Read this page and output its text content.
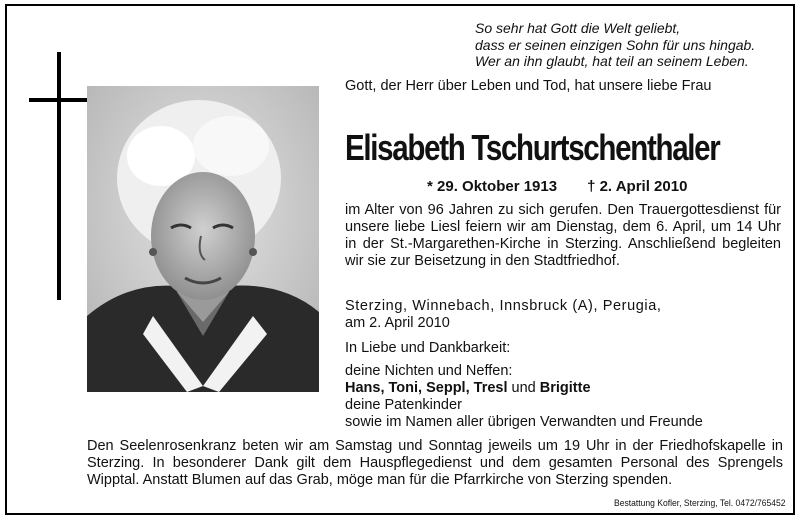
So sehr hat Gott die Welt geliebt,
dass er seinen einzigen Sohn für uns hingab.
Wer an ihn glaubt, hat teil an seinem Leben.
Gott, der Herr über Leben und Tod, hat unsere liebe Frau
Elisabeth Tschurtschenthaler
* 29. Oktober 1913 † 2. April 2010
im Alter von 96 Jahren zu sich gerufen. Den Trauergottesdienst für unsere liebe Liesl feiern wir am Dienstag, dem 6. April, um 14 Uhr in der St.-Margarethen-Kirche in Sterzing. Anschließend begleiten wir sie zur Beisetzung in den Stadtfriedhof.
Sterzing, Winnebach, Innsbruck (A), Perugia,
am 2. April 2010
In Liebe und Dankbarkeit:
deine Nichten und Neffen:
Hans, Toni, Seppl, Tresl und Brigitte
deine Patenkinder
sowie im Namen aller übrigen Verwandten und Freunde
Den Seelenrosenkranz beten wir am Samstag und Sonntag jeweils um 19 Uhr in der Friedhofskapelle in Sterzing. In besonderer Dank gilt dem Hauspflegedienst und dem gesamten Personal des Sprengels Wipptal. Anstatt Blumen auf das Grab, möge man für die Pfarrkirche von Sterzing spenden.
Bestattung Kofler, Sterzing, Tel. 0472/765452
